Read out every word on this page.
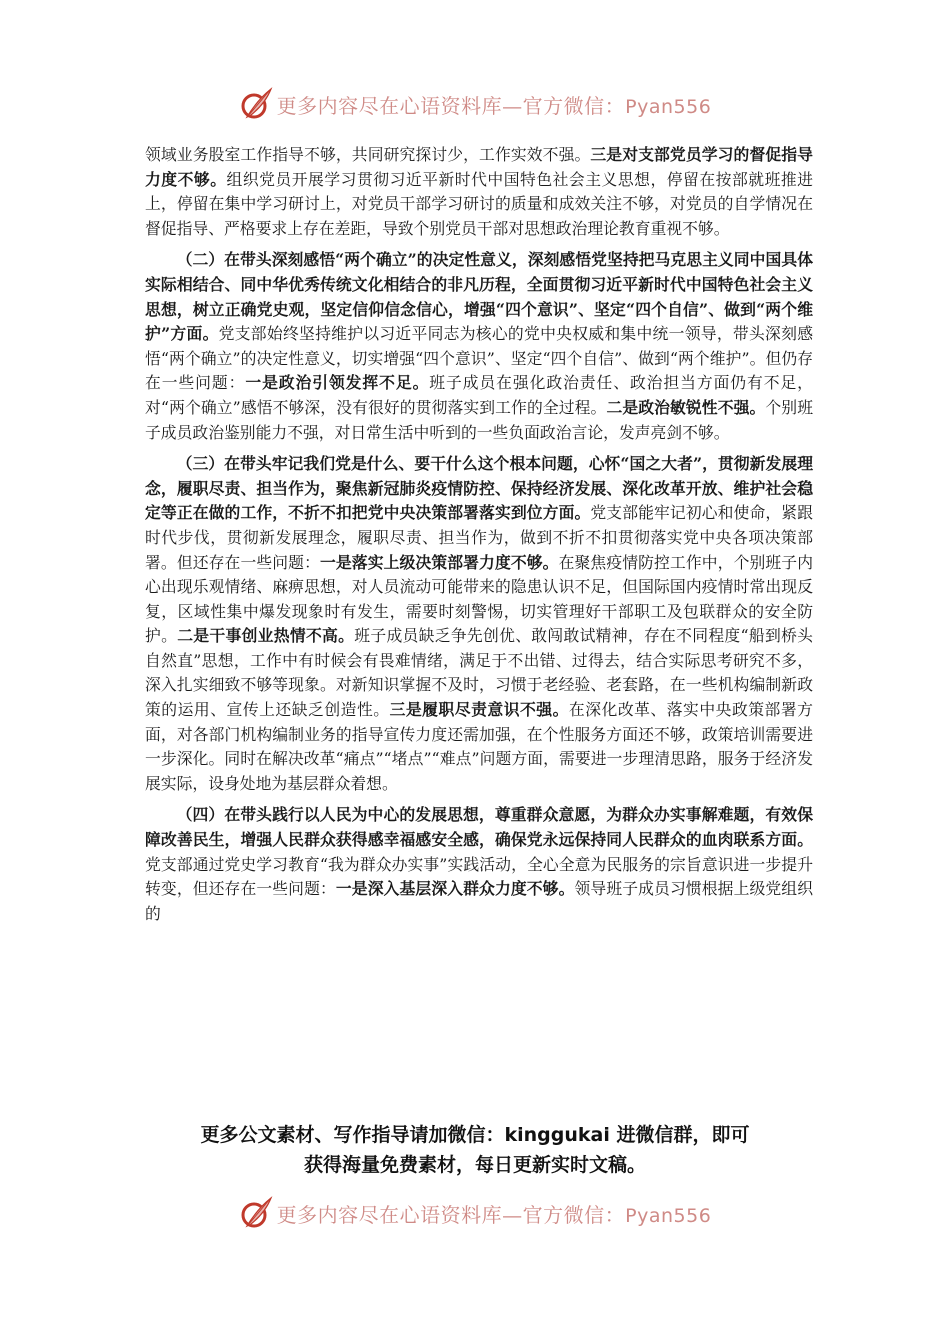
更多内容尽在心语资料库—官方微信：Pyan556

领域业务股室工作指导不够，共同研究探讨少，工作实效不强。三是对支部党员学习的督促指导力度不够。组织党员开展学习贯彻习近平新时代中国特色社会主义思想，停留在按部就班推进上，停留在集中学习研讨上，对党员干部学习研讨的质量和成效关注不够，对党员的自学情况在督促指导、严格要求上存在差距，导致个别党员干部对思想政治理论教育重视不够。

（二）在带头深刻感悟“两个确立”的决定性意义，深刻感悟党坚持把马克思主义同中国具体实际相结合、同中华优秀传统文化相结合的非凡历程，全面贯彻习近平新时代中国特色社会主义思想，树立正确党史观，坚定信仰信念信心，增强“四个意识”、坚定“四个自信”、做到“两个维护”方面。党支部始终坚持维护以习近平同志为核心的党中央权威和集中统一领导，带头深刻感悟“两个确立”的决定性意义，切实增强“四个意识”、坚定“四个自信”、做到“两个维护”。但仍存在一些问题：一是政治引领发挥不足。班子成员在强化政治责任、政治担当方面仍有不足，对“两个确立”感悟不够深，没有很好的贯彻落实到工作的全过程。二是政治敏锐性不强。个别班子成员政治鉴别能力不强，对日常生活中听到的一些负面政治言论，发声亮剑不够。

（三）在带头牢记我们党是什么、要干什么这个根本问题，心怀“国之大者”，贯彻新发展理念，履职尽责、担当作为，聚焦新冠肺炎疫情防控、保持经济发展、深化改革开放、维护社会稳定等正在做的工作，不折不扣把党中央决策部署落实到位方面。党支部能牢记初心和使命，紧跟时代步伐，贯彻新发展理念，履职尽责、担当作为，做到不折不扣贯彻落实党中央各项决策部署。但还存在一些问题：一是落实上级决策部署力度不够。在聚焦疫情防控工作中，个别班子内心出现乐观情绪、麻痹思想，对人员流动可能带来的隐患认识不足，但国际国内疫情时常出现反复，区域性集中爆发现象时有发生，需要时刻警惕，切实管理好干部职工及包联群众的安全防护。二是干事创业热情不高。班子成员缺乏争先创优、敢闯敢试精神，存在不同程度“船到桥头自然直”思想，工作中有时候会有畏难情绪，满足于不出错、过得去，结合实际思考研究不多，深入扎实细致不够等现象。对新知识掌握不及时，习惯于老经验、老套路，在一些机构编制新政策的运用、宣传上还缺乏创造性。三是履职尽责意识不强。在深化改革、落实中央政策部署方面，对各部门机构编制业务的指导宣传力度还需加强，在个性服务方面还不够，政策培训需要进一步深化。同时在解决改革“痛点”“堵点”“难点”问题方面，需要进一步理清思路，服务于经济发展实际，设身处地为基层群众着想。

（四）在带头践行以人民为中心的发展思想，尊重群众意愿，为群众办实事解难题，有效保障改善民生，增强人民群众获得感幸福感安全感，确保党永远保持同人民群众的血肉联系方面。党支部通过党史学习教育“我为群众办实事”实践活动，全心全意为民服务的宗旨意识进一步提升转变，但还存在一些问题：一是深入基层深入群众力度不够。领导班子成员习惯根据上级党组织的

更多公文素材、写作指导请加微信：kinggukai 进微信群，即可
获得海量免费素材，每日更新实时文稿。
更多内容尽在心语资料库—官方微信：Pyan556
